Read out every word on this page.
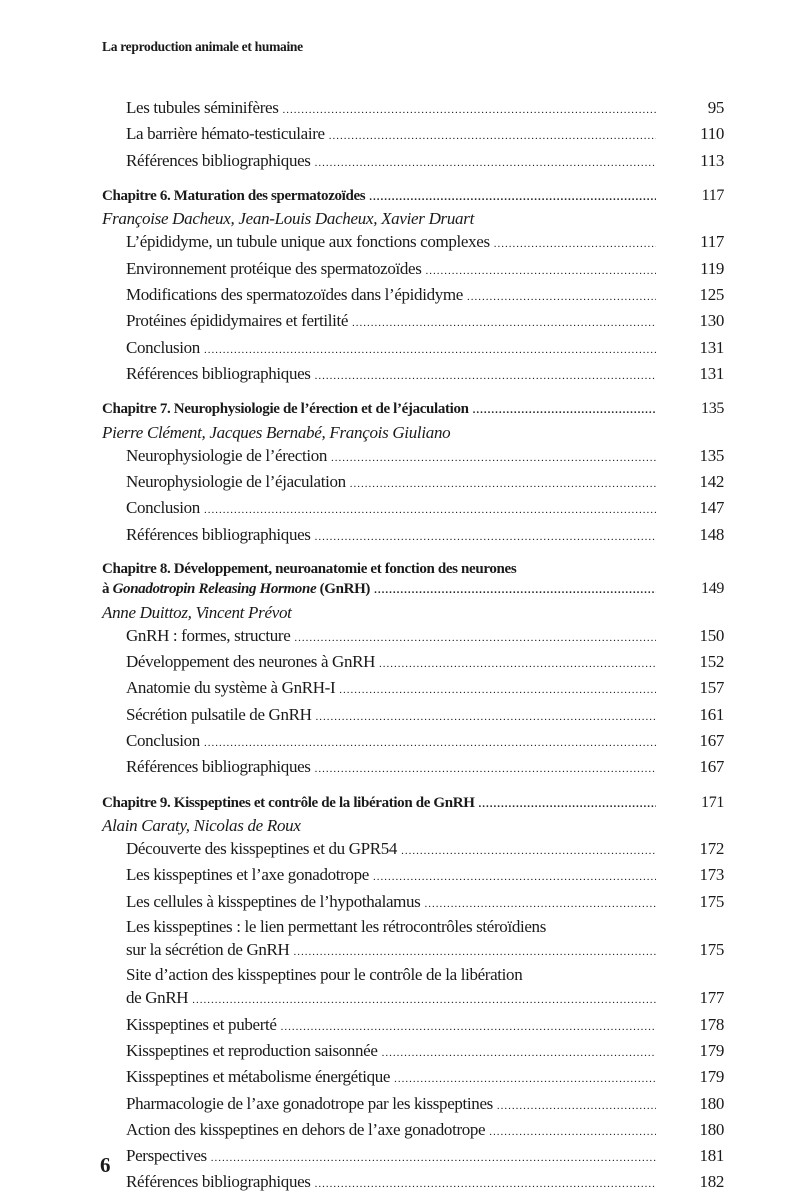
La reproduction animale et humaine
Les tubules séminifères .....	95
La barrière hémato-testiculaire .....	110
Références bibliographiques .....	113
Chapitre 6. Maturation des spermatozoïdes .....	117
Françoise Dacheux, Jean-Louis Dacheux, Xavier Druart
L’épididyme, un tubule unique aux fonctions complexes .....	117
Environnement protéique des spermatozoïdes .....	119
Modifications des spermatozoïdes dans l’épididyme .....	125
Protéines épididymaires et fertilité .....	130
Conclusion .....	131
Références bibliographiques .....	131
Chapitre 7. Neurophysiologie de l’érection et de l’éjaculation .....	135
Pierre Clément, Jacques Bernabé, François Giuliano
Neurophysiologie de l’érection .....	135
Neurophysiologie de l’éjaculation .....	142
Conclusion .....	147
Références bibliographiques .....	148
Chapitre 8. Développement, neuroanatomie et fonction des neurones
à Gonadotropin Releasing Hormone (GnRH) .....	149
Anne Duittoz, Vincent Prévot
GnRH : formes, structure .....	150
Développement des neurones à GnRH .....	152
Anatomie du système à GnRH-I .....	157
Sécrétion pulsatile de GnRH .....	161
Conclusion .....	167
Références bibliographiques .....	167
Chapitre 9. Kisspeptines et contrôle de la libération de GnRH .....	171
Alain Caraty, Nicolas de Roux
Découverte des kisspeptines et du GPR54 .....	172
Les kisspeptines et l’axe gonadotrope .....	173
Les cellules à kisspeptines de l’hypothalamus .....	175
Les kisspeptines : le lien permettant les rétrocontrôles stéroïdiens
sur la sécrétion de GnRH .....	175
Site d’action des kisspeptines pour le contrôle de la libération
de GnRH .....	177
Kisspeptines et puberté .....	178
Kisspeptines et reproduction saisonnée .....	179
Kisspeptines et métabolisme énergétique .....	179
Pharmacologie de l’axe gonadotrope par les kisspeptines .....	180
Action des kisspeptines en dehors de l’axe gonadotrope .....	180
Perspectives .....	181
Références bibliographiques .....	182
6
